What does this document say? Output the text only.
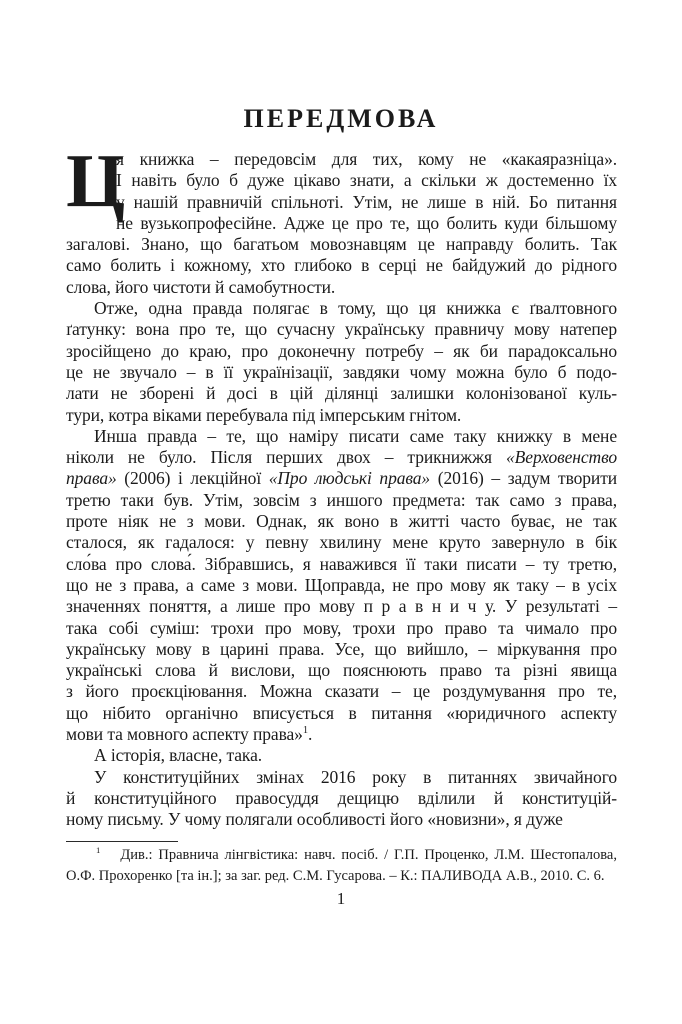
ПЕРЕДМОВА
Ц
я книжка – передовсім для тих, кому не «какаяразніца».
І навіть було б дуже цікаво знати, а скільки ж достеменно їх
у нашій правничій спільноті. Утім, не лише в ній. Бо питання
не вузькопрофесійне. Адже це про те, що болить куди більшому
загалові. Знано, що багатьом мовознавцям це направду болить. Так
само болить і кожному, хто глибоко в серці не байдужий до рідного
слова, його чистоти й самобутности.
Отже, одна правда полягає в тому, що ця книжка є ґвалтовного
ґатунку: вона про те, що сучасну українську правничу мову натепер
зросійщено до краю, про доконечну потребу – як би парадоксально
це не звучало – в її українізації, завдяки чому можна було б подо-
лати не зборені й досі в цій ділянці залишки колонізованої куль-
тури, котра віками перебувала під імперським гнітом.
Инша правда – те, що наміру писати саме таку книжку в мене
ніколи не було. Після перших двох – трикнижжя «Верховенство
права» (2006) і лекційної «Про людські права» (2016) – задум творити
третю таки був. Утім, зовсім з иншого предмета: так само з права,
проте ніяк не з мови. Однак, як воно в житті часто буває, не так
сталося, як гадалося: у певну хвилину мене круто завернуло в бік
сло́ва про слова́. Зібравшись, я наважився її таки писати – ту третю,
що не з права, а саме з мови. Щоправда, не про мову як таку – в усіх
значеннях поняття, а лише про мову п р а в н и ч у. У результаті –
така собі суміш: трохи про мову, трохи про право та чимало про
українську мову в царині права. Усе, що вийшло, – міркування про
українські слова й вислови, що пояснюють право та різні явища
з його проєкціювання. Можна сказати – це роздумування про те,
що нібито органічно вписується в питання «юридичного аспекту
мови та мовного аспекту права»$^1$.
А історія, власне, така.
У конституційних змінах 2016 року в питаннях звичайного
й конституційного правосуддя дещицю вділили й конституцій-
ному письму. У чому полягали особливості його «новизни», я дуже
$^1$ Див.: Правнича лінгвістика: навч. посіб. / Г.П. Проценко, Л.М. Шестопалова,
О.Ф. Прохоренко [та ін.]; за заг. ред. С.М. Гусарова. – К.: ПАЛИВОДА А.В., 2010. С. 6.
1
